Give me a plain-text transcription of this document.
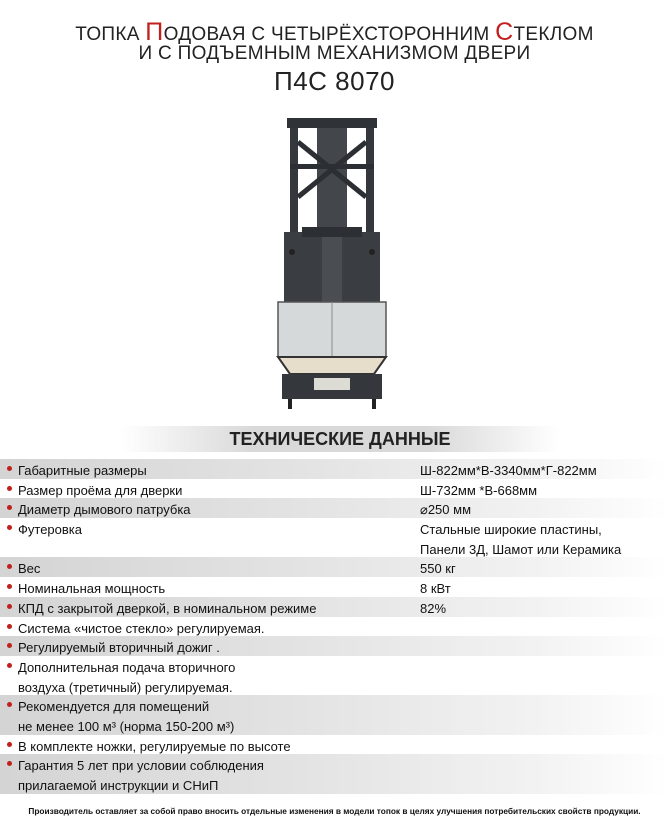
ТОПКА ПОДОВАЯ С ЧЕТЫРЁХСТОРОННИМ СТЕКЛОМ
И С ПОДЪЕМНЫМ МЕХАНИЗМОМ ДВЕРИ
П4С 8070
ТЕХНИЧЕСКИЕ ДАННЫЕ
Габаритные размеры	Ш-822мм*В-3340мм*Г-822мм
Размер проёма для дверки	Ш-732мм *В-668мм
Диаметр дымового патрубка	⌀250 мм
Футеровка	Стальные широкие пластины,
Панели 3Д, Шамот или Керамика
Вес	550 кг
Номинальная мощность	8 кВт
КПД с закрытой дверкой, в номинальном режиме	82%
Система «чистое стекло» регулируемая.
Регулируемый вторичный дожиг .
Дополнительная подача вторичного
воздуха (третичный) регулируемая.
Рекомендуется для помещений
не менее 100 м³ (норма 150-200 м³)
В комплекте ножки, регулируемые по высоте
Гарантия 5 лет при условии соблюдения
прилагаемой инструкции и СНиП
Производитель оставляет за собой право вносить отдельные изменения в модели топок в целях улучшения потребительских свойств продукции.
